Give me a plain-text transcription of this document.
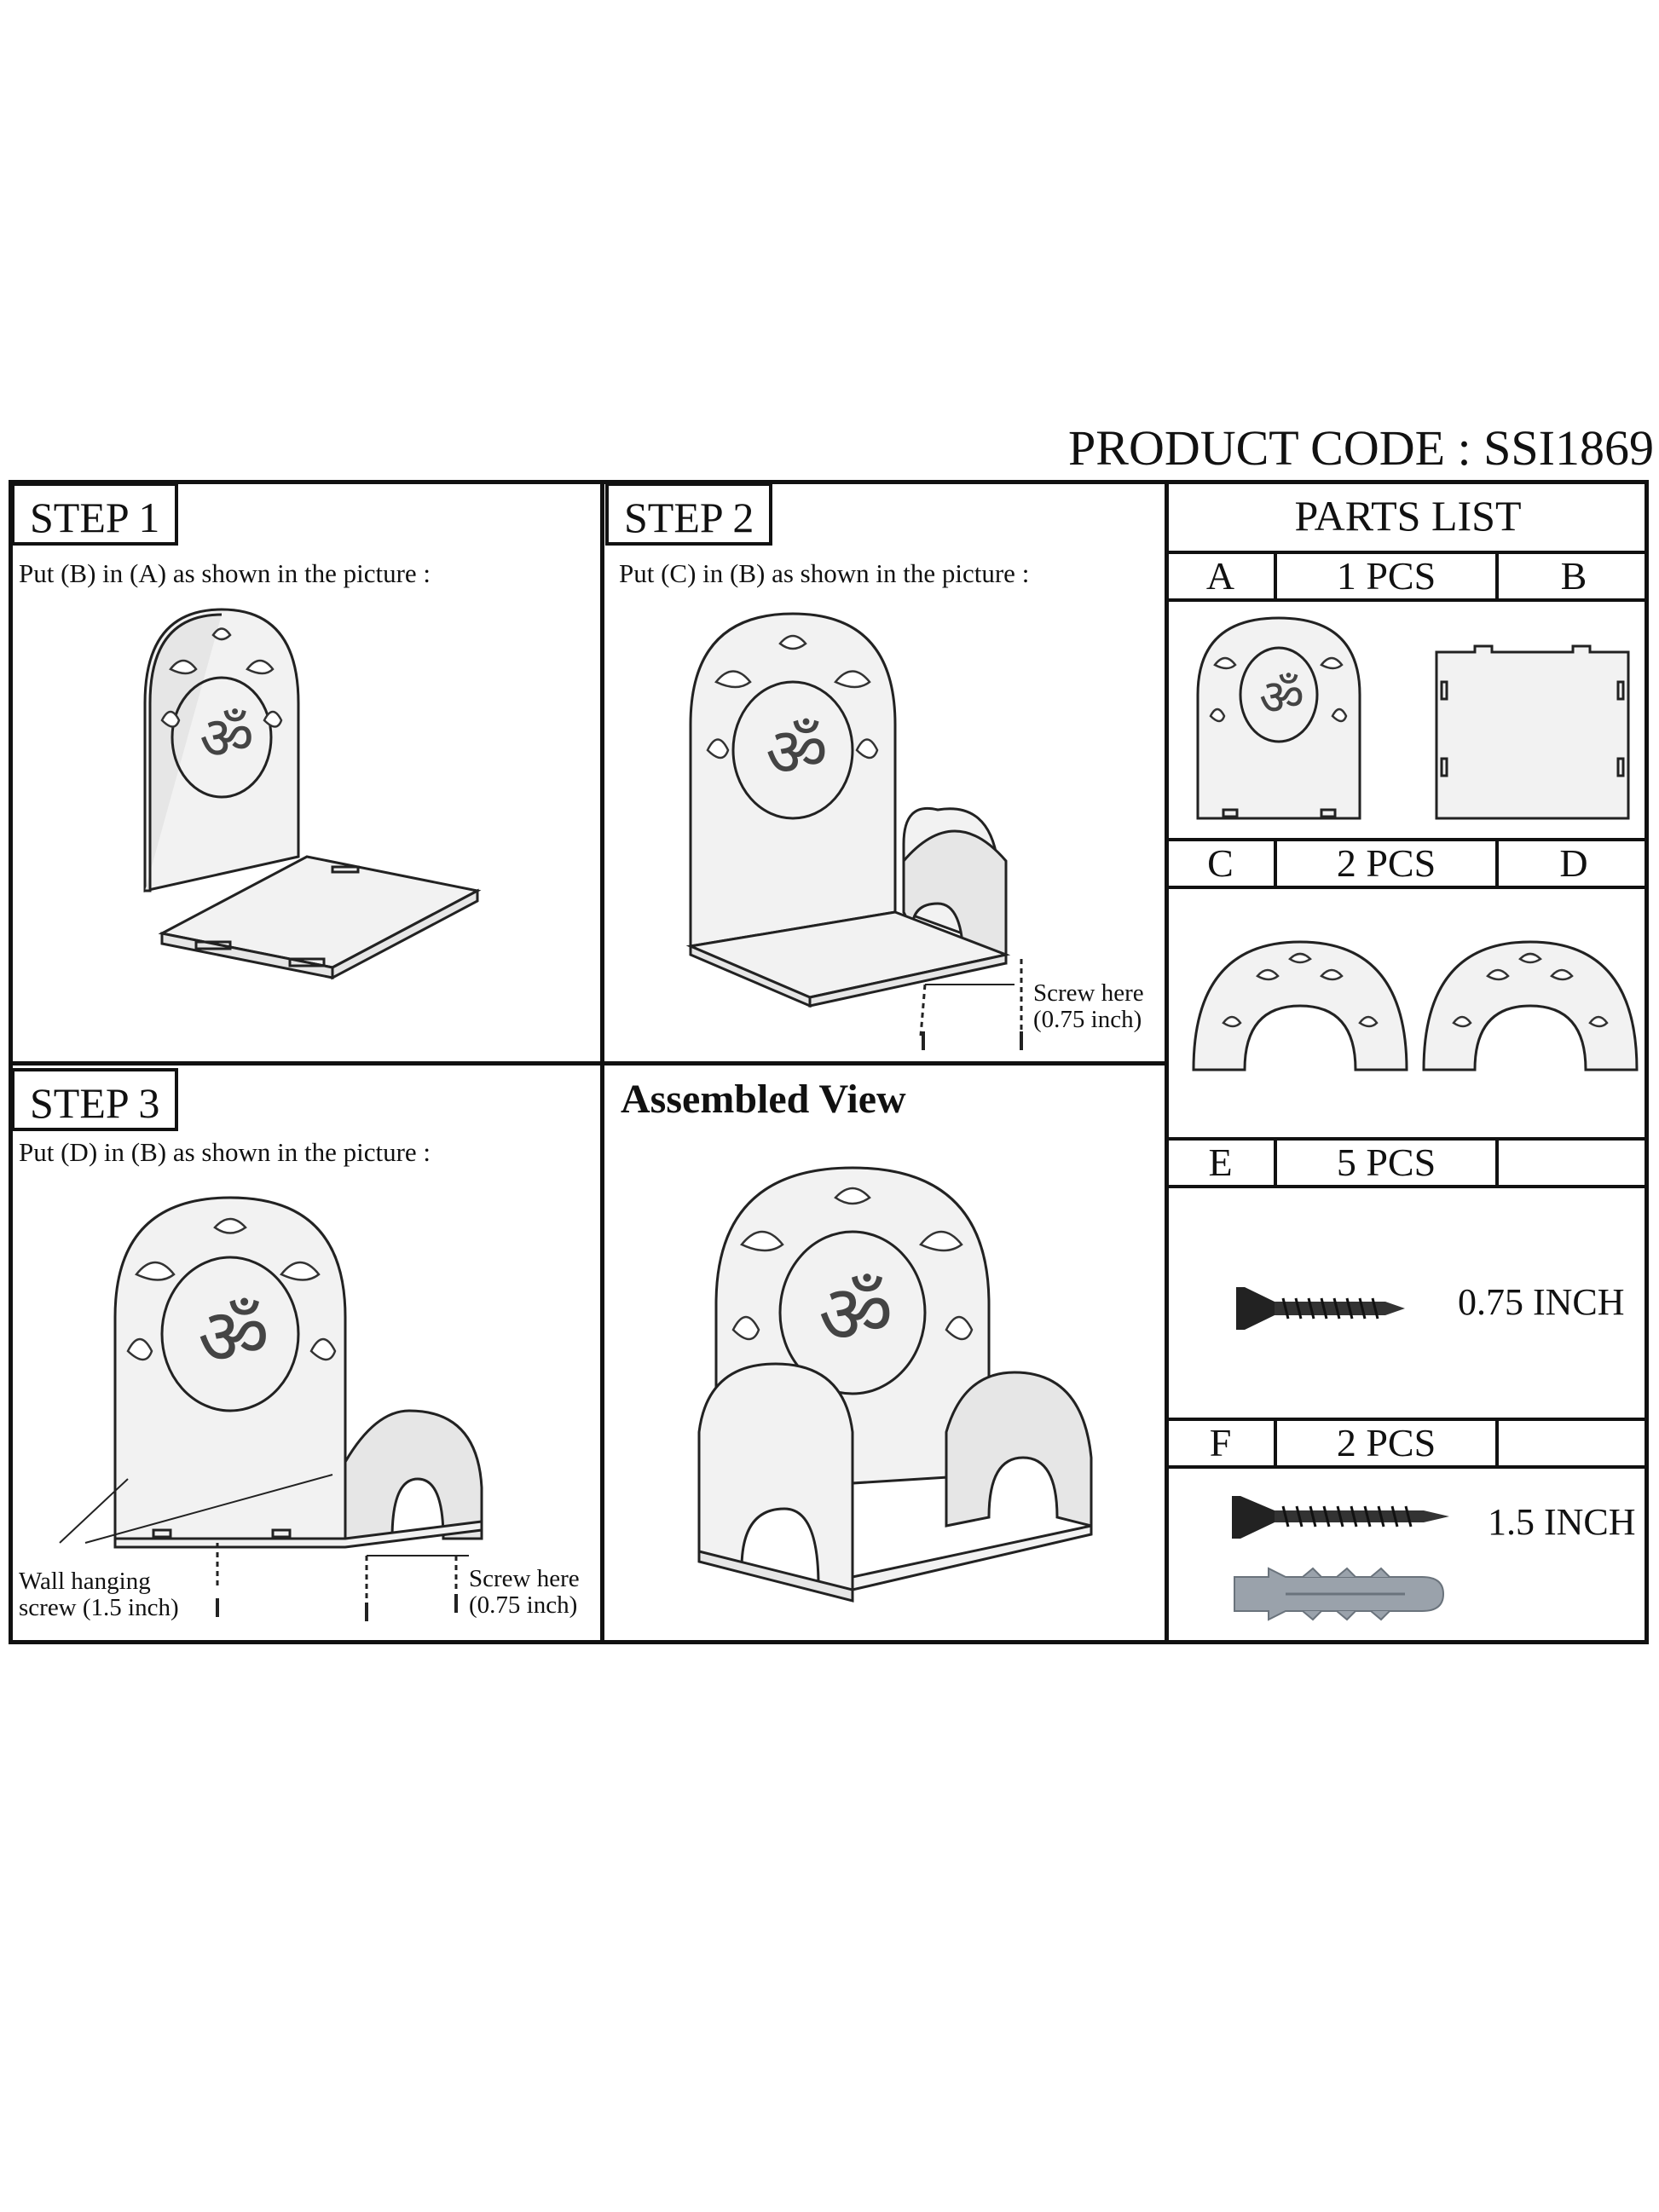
PRODUCT CODE : SSI1869
STEP 1
Put (B) in (A) as shown in the picture :
ॐ
STEP 2
Put (C) in (B) as shown in the picture :
ॐ
Screw here
(0.75 inch)
STEP 3
Put (D) in (B) as shown in the picture :
ॐ
Wall hanging
screw (1.5 inch)
Screw here
(0.75 inch)
Assembled View
ॐ
PARTS LIST
A	1 PCS	B
ॐ
C	2 PCS	D
E	5 PCS
0.75 INCH
F	2 PCS
1.5 INCH
